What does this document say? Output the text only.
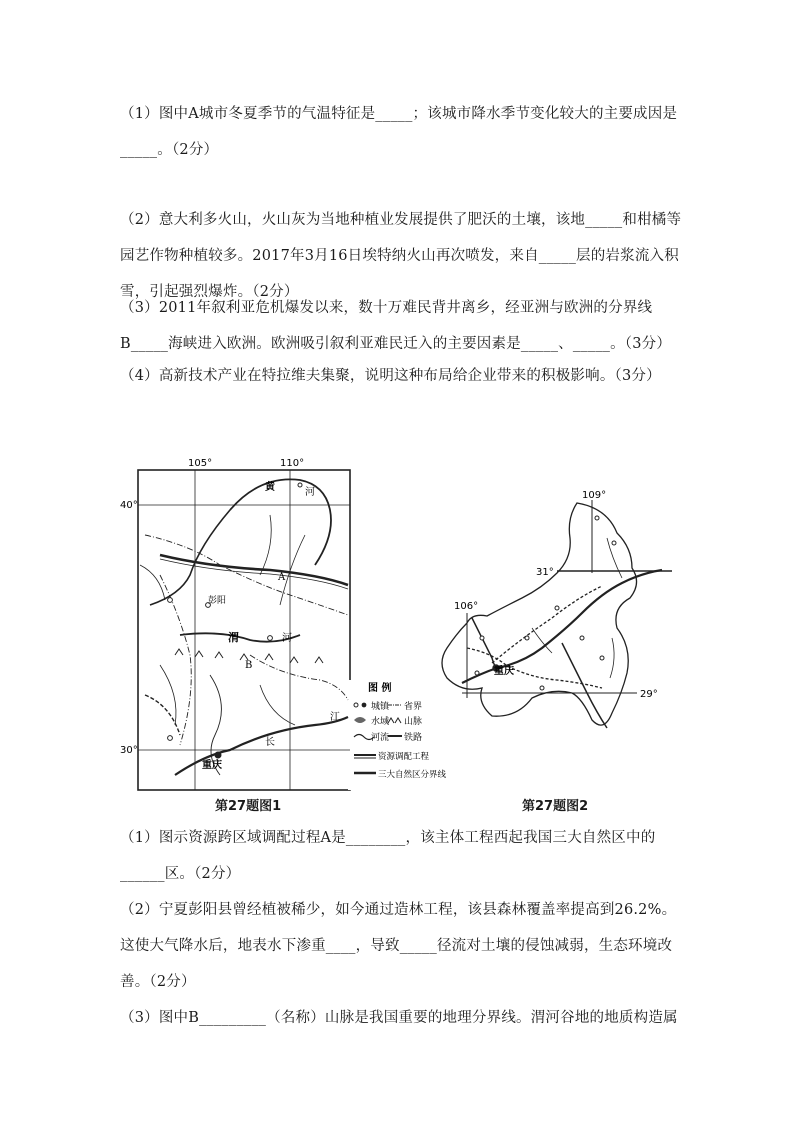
（1）图中A城市冬夏季节的气温特征是_____；该城市降水季节变化较大的主要成因是_____。（2分）
（2）意大利多火山，火山灰为当地种植业发展提供了肥沃的土壤，该地_____和柑橘等园艺作物种植较多。2017年3月16日埃特纳火山再次喷发，来自_____层的岩浆流入积雪，引起强烈爆炸。（2分）
（3）2011年叙利亚危机爆发以来，数十万难民背井离乡，经亚洲与欧洲的分界线B_____海峡进入欧洲。欧洲吸引叙利亚难民迁入的主要因素是_____、_____。（3分）
（4）高新技术产业在特拉维夫集聚，说明这种布局给企业带来的积极影响。（3分）
105°	110°
40°
30°
黄	河
A
彭阳
渭	河
B
长
江
重庆
图 例
城镇 省界
水域 山脉
河流 铁路
资源调配工程
三大自然区分界线
第27题图1
109°
106°
31°
29°
重庆
第27题图2
（1）图示资源跨区域调配过程A是________，该主体工程西起我国三大自然区中的______区。（2分）
（2）宁夏彭阳县曾经植被稀少，如今通过造林工程，该县森林覆盖率提高到26.2%。这使大气降水后，地表水下渗重____，导致_____径流对土壤的侵蚀减弱，生态环境改善。（2分）
（3）图中B_________（名称）山脉是我国重要的地理分界线。渭河谷地的地质构造属
